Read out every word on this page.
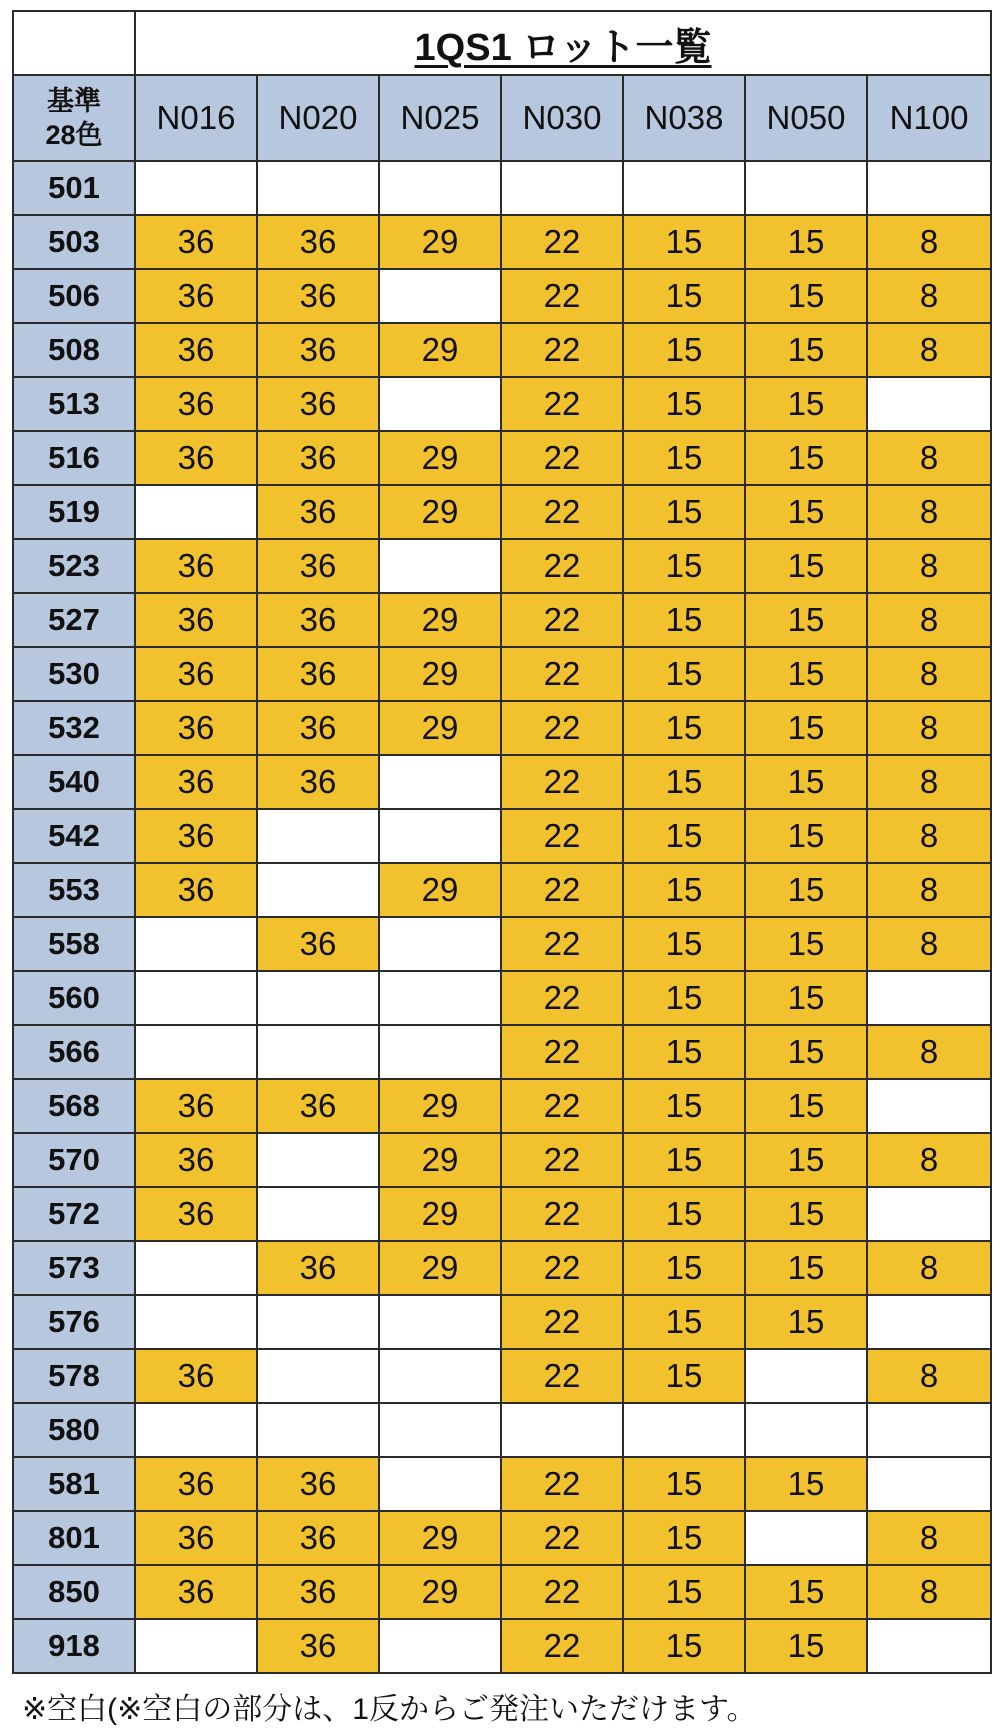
	1QS1 ロット一覧						
基準
28色	N016	N020	N025	N030	N038	N050	N100
501							
503	36	36	29	22	15	15	8
506	36	36		22	15	15	8
508	36	36	29	22	15	15	8
513	36	36		22	15	15	
516	36	36	29	22	15	15	8
519		36	29	22	15	15	8
523	36	36		22	15	15	8
527	36	36	29	22	15	15	8
530	36	36	29	22	15	15	8
532	36	36	29	22	15	15	8
540	36	36		22	15	15	8
542	36			22	15	15	8
553	36		29	22	15	15	8
558		36		22	15	15	8
560				22	15	15	
566				22	15	15	8
568	36	36	29	22	15	15	
570	36		29	22	15	15	8
572	36		29	22	15	15	
573		36	29	22	15	15	8
576				22	15	15	
578	36			22	15		8
580							
581	36	36		22	15	15	
801	36	36	29	22	15		8
850	36	36	29	22	15	15	8
918		36		22	15	15	
※空白(※空白の部分は、1反からご発注いただけます。
